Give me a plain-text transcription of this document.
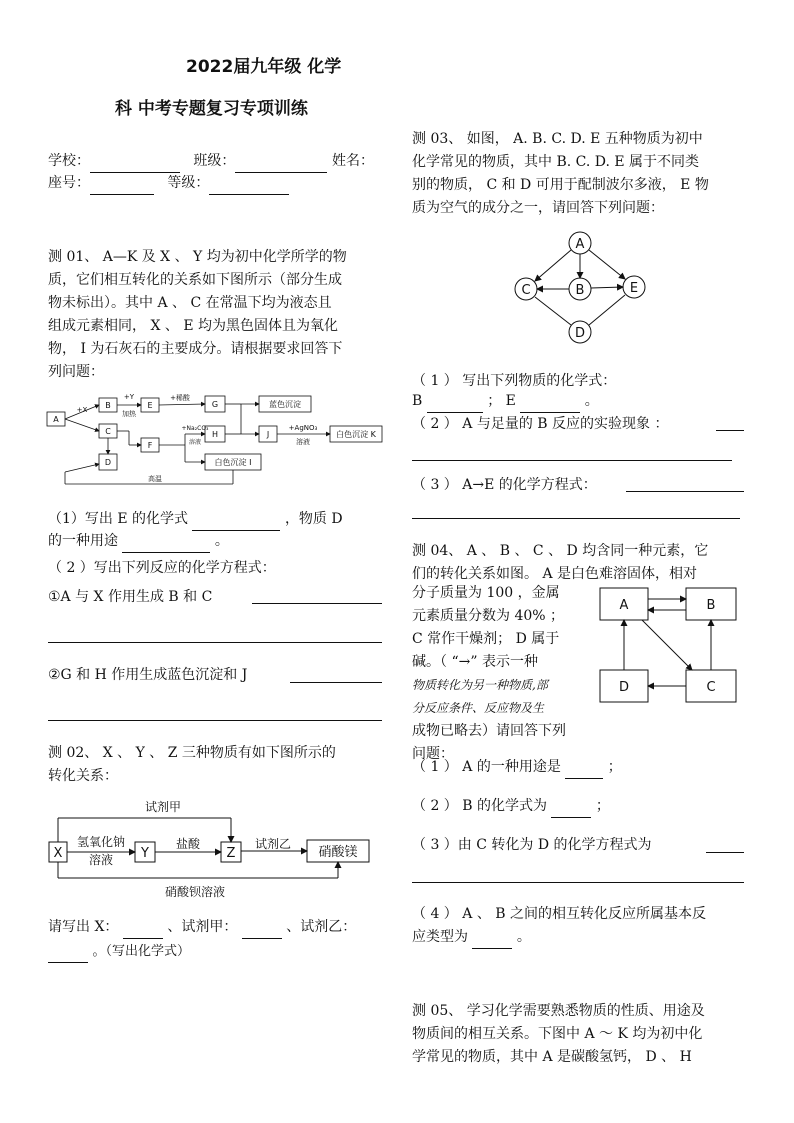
2022届九年级 化学
科 中考专题复习专项训练
学校：	班级：	姓名：
座号：	等级：
测 01、 A—K 及 X 、 Y 均为初中化学所学的物
质，它们相互转化的关系如下图所示（部分生成
物未标出）。其中 A 、 C 在常温下均为液态且
组成元素相同， X 、 E 均为黑色固体且为氧化
物， I 为石灰石的主要成分。请根据要求回答下
列问题：
A
B
C
D
E
F
G
H
蓝色沉淀
J	白色沉淀 K
白色沉淀 I
+X
+Y
加热
+稀酸
+Na₂CO₃
溶液
+AgNO₃
溶液
高温
（1）写出 E 的化学式	，物质 D
的一种用途	。
（ 2 ）写出下列反应的化学方程式：
①A 与 X 作用生成 B 和 C
②G 和 H 作用生成蓝色沉淀和 J
测 02、 X 、 Y 、 Z 三种物质有如下图所示的
转化关系：
X	Y	Z	硝酸镁
试剂甲
氢氧化钠
溶液
盐酸	试剂乙
硝酸钡溶液
请写出 X：	、试剂甲：	、试剂乙：
。（写出化学式）
测 03、 如图， A. B. C. D. E 五种物质为初中
化学常见的物质，其中 B. C. D. E 属于不同类
别的物质， C 和 D 可用于配制波尔多液， E 物
质为空气的成分之一，请回答下列问题：
A
C	B	E
D
（ 1 ） 写出下列物质的化学式：
B	； E	。
（ 2 ） A 与足量的 B 反应的实验现象 ：
（ 3 ） A→E 的化学方程式：
测 04、 A 、 B 、 C 、 D 均含同一种元素，它
们的转化关系如图。 A 是白色难溶固体，相对
分子质量为 100 ，金属
元素质量分数为 40% ；
C 常作干燥剂； D 属于
碱。（ “→” 表示一种
物质转化为另一种物质,部
分反应条件、反应物及生
成物已略去）请回答下列
问题：
A	B
D	C
（ 1 ） A 的一种用途是	；
（ 2 ） B 的化学式为	；
（ 3 ）由 C 转化为 D 的化学方程式为
（ 4 ） A 、 B 之间的相互转化反应所属基本反
应类型为	。
测 05、 学习化学需要熟悉物质的性质、用途及
物质间的相互关系。下图中 A ～ K 均为初中化
学常见的物质，其中 A 是碳酸氢钙， D 、 H
